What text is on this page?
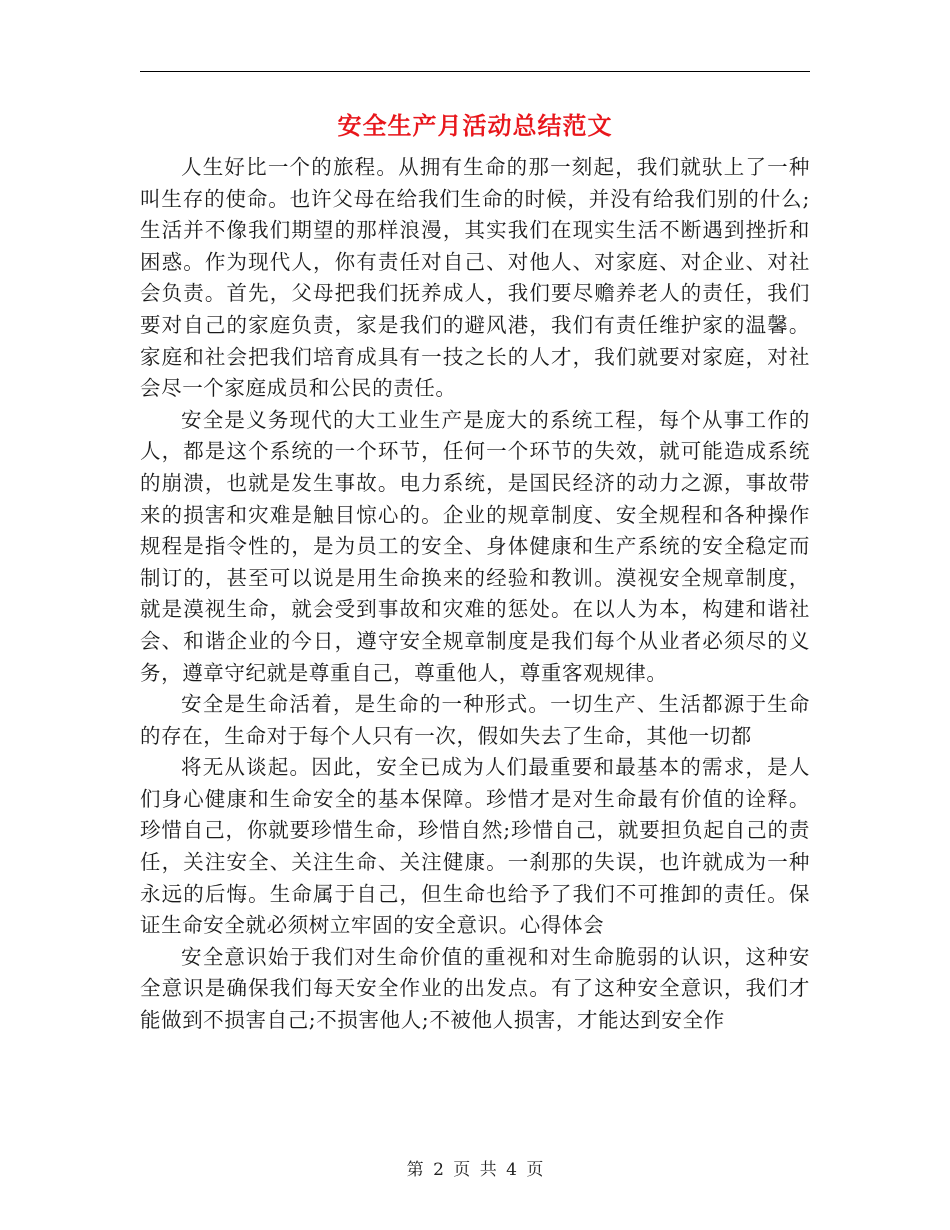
安全生产月活动总结范文

人生好比一个的旅程。从拥有生命的那一刻起，我们就驮上了一种叫生存的使命。也许父母在给我们生命的时候，并没有给我们别的什么;生活并不像我们期望的那样浪漫，其实我们在现实生活不断遇到挫折和困惑。作为现代人，你有责任对自己、对他人、对家庭、对企业、对社会负责。首先，父母把我们抚养成人，我们要尽赡养老人的责任，我们要对自己的家庭负责，家是我们的避风港，我们有责任维护家的温馨。家庭和社会把我们培育成具有一技之长的人才，我们就要对家庭，对社会尽一个家庭成员和公民的责任。

安全是义务现代的大工业生产是庞大的系统工程，每个从事工作的人，都是这个系统的一个环节，任何一个环节的失效，就可能造成系统的崩溃，也就是发生事故。电力系统，是国民经济的动力之源，事故带来的损害和灾难是触目惊心的。企业的规章制度、安全规程和各种操作规程是指令性的，是为员工的安全、身体健康和生产系统的安全稳定而制订的，甚至可以说是用生命换来的经验和教训。漠视安全规章制度，就是漠视生命，就会受到事故和灾难的惩处。在以人为本，构建和谐社会、和谐企业的今日，遵守安全规章制度是我们每个从业者必须尽的义务，遵章守纪就是尊重自己，尊重他人，尊重客观规律。

安全是生命活着，是生命的一种形式。一切生产、生活都源于生命的存在，生命对于每个人只有一次，假如失去了生命，其他一切都

将无从谈起。因此，安全已成为人们最重要和最基本的需求，是人们身心健康和生命安全的基本保障。珍惜才是对生命最有价值的诠释。珍惜自己，你就要珍惜生命，珍惜自然;珍惜自己，就要担负起自己的责任，关注安全、关注生命、关注健康。一刹那的失误，也许就成为一种永远的后悔。生命属于自己，但生命也给予了我们不可推卸的责任。保证生命安全就必须树立牢固的安全意识。心得体会

安全意识始于我们对生命价值的重视和对生命脆弱的认识，这种安全意识是确保我们每天安全作业的出发点。有了这种安全意识，我们才能做到不损害自己;不损害他人;不被他人损害，才能达到安全作

第 2 页 共 4 页
